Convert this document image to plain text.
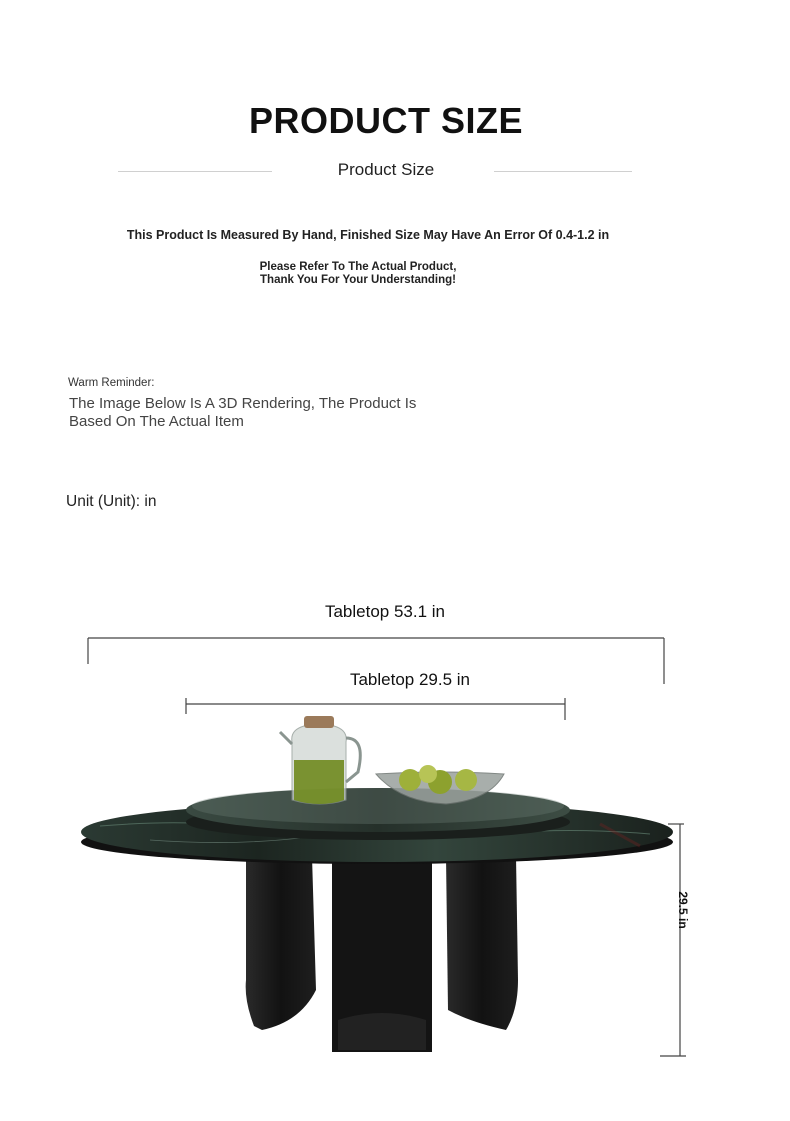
PRODUCT SIZE
Product Size
This Product Is Measured By Hand, Finished Size May Have An Error Of 0.4-1.2 in
Please Refer To The Actual Product,
Thank You For Your Understanding!
Warm Reminder:
The Image Below Is A 3D Rendering, The Product Is
Based On The Actual Item
Unit (Unit): in
Tabletop 53.1 in
Tabletop 29.5 in
29.5 in
